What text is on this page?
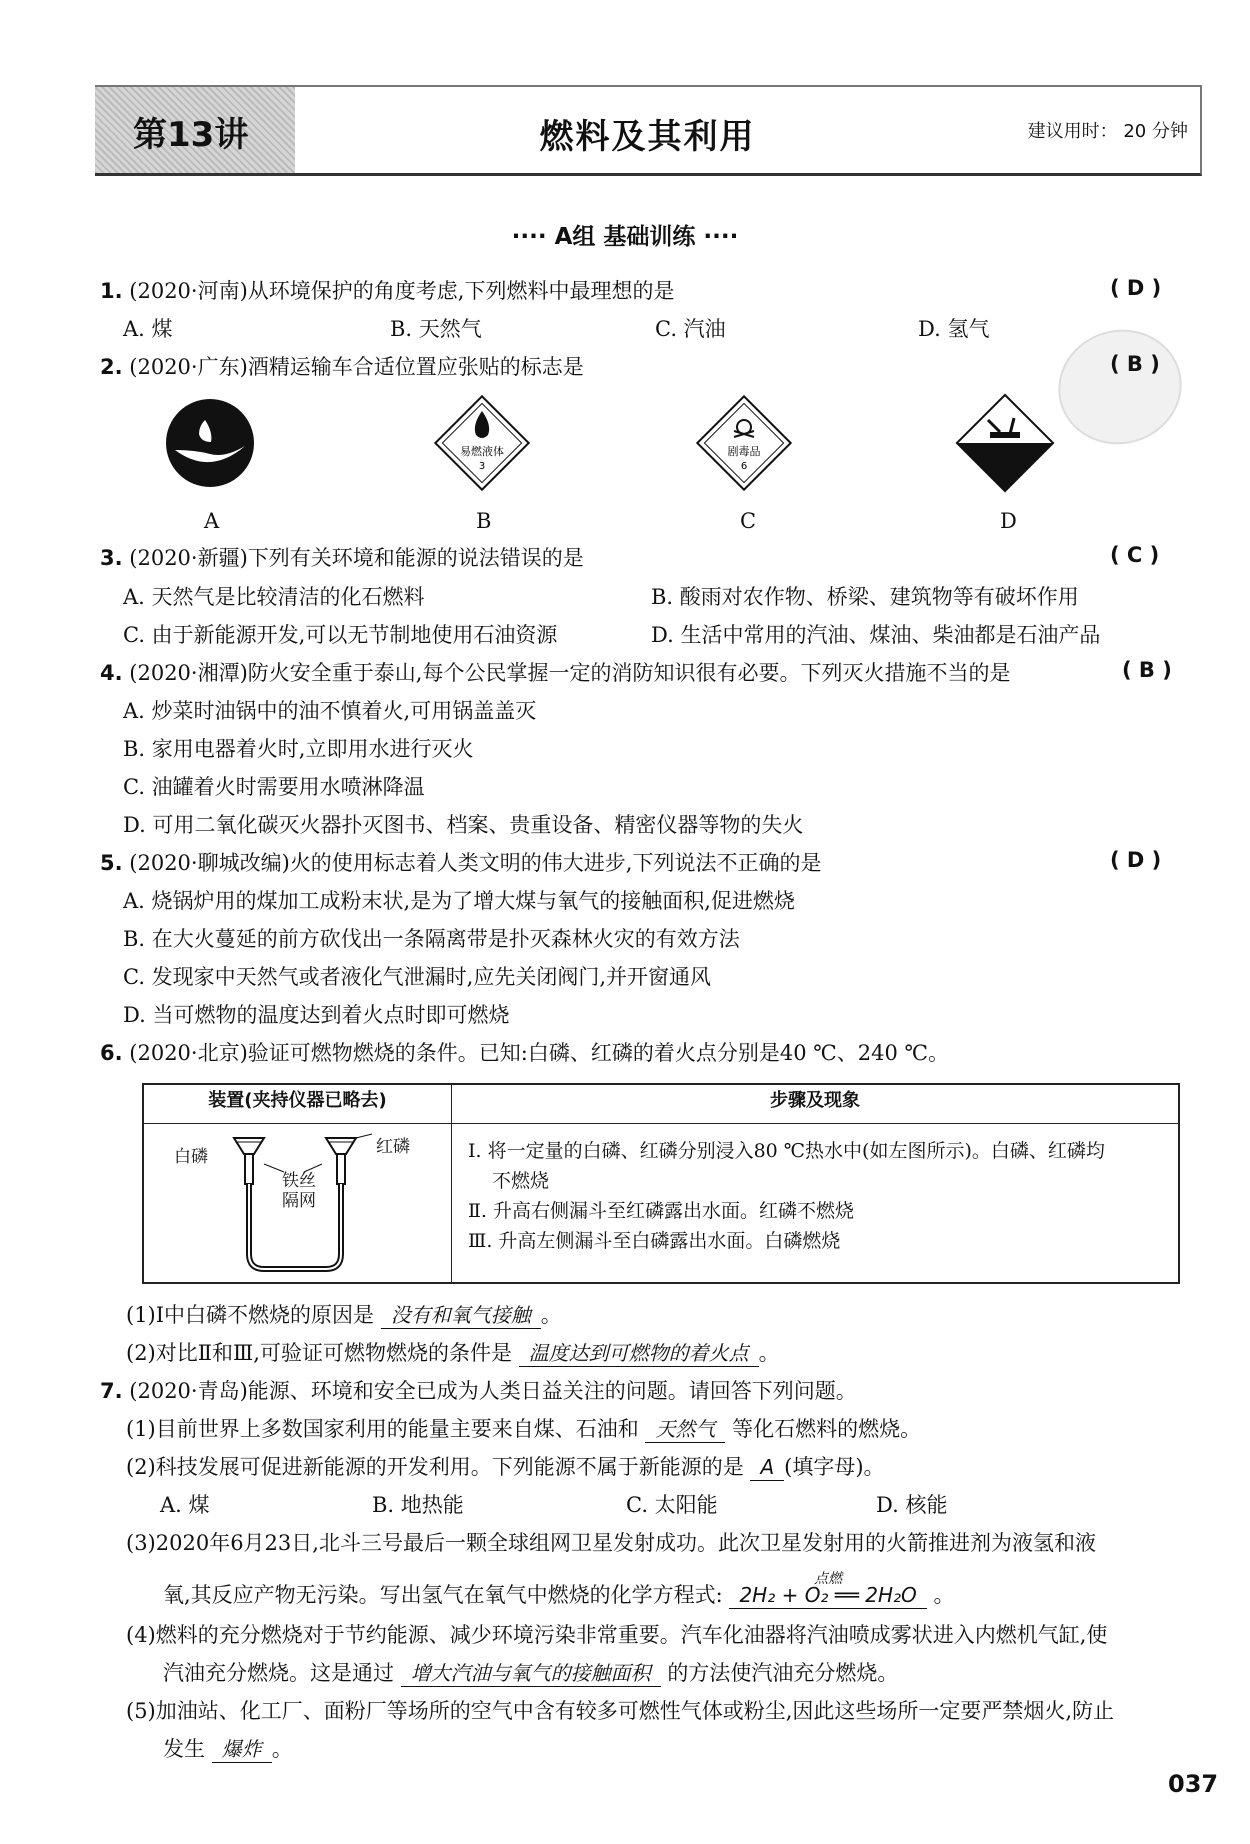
第13讲	燃料及其利用	建议用时： 20 分钟
···· A组 基础训练 ····
1. (2020·河南)从环境保护的角度考虑,下列燃料中最理想的是	( D )
A. 煤	B. 天然气	C. 汽油	D. 氢气
2. (2020·广东)酒精运输车合适位置应张贴的标志是	( B )
易燃液体
3
剧毒品
6
A	B	C	D
3. (2020·新疆)下列有关环境和能源的说法错误的是	( C )
A. 天然气是比较清洁的化石燃料	B. 酸雨对农作物、桥梁、建筑物等有破坏作用
C. 由于新能源开发,可以无节制地使用石油资源	D. 生活中常用的汽油、煤油、柴油都是石油产品
4. (2020·湘潭)防火安全重于泰山,每个公民掌握一定的消防知识很有必要。下列灭火措施不当的是	( B )
A. 炒菜时油锅中的油不慎着火,可用锅盖盖灭
B. 家用电器着火时,立即用水进行灭火
C. 油罐着火时需要用水喷淋降温
D. 可用二氧化碳灭火器扑灭图书、档案、贵重设备、精密仪器等物的失火
5. (2020·聊城改编)火的使用标志着人类文明的伟大进步,下列说法不正确的是	( D )
A. 烧锅炉用的煤加工成粉末状,是为了增大煤与氧气的接触面积,促进燃烧
B. 在大火蔓延的前方砍伐出一条隔离带是扑灭森林火灾的有效方法
C. 发现家中天然气或者液化气泄漏时,应先关闭阀门,并开窗通风
D. 当可燃物的温度达到着火点时即可燃烧
6. (2020·北京)验证可燃物燃烧的条件。已知:白磷、红磷的着火点分别是40 ℃、240 ℃。
装置(夹持仪器已略去)	步骤及现象

白磷 红磷
铁丝
隔网	Ⅰ. 将一定量的白磷、红磷分别浸入80 ℃热水中(如左图所示)。白磷、红磷均
不燃烧
Ⅱ. 升高右侧漏斗至红磷露出水面。红磷不燃烧
Ⅲ. 升高左侧漏斗至白磷露出水面。白磷燃烧
(1)Ⅰ中白磷不燃烧的原因是 没有和氧气接触 。
(2)对比Ⅱ和Ⅲ,可验证可燃物燃烧的条件是 温度达到可燃物的着火点 。
7. (2020·青岛)能源、环境和安全已成为人类日益关注的问题。请回答下列问题。
(1)目前世界上多数国家利用的能量主要来自煤、石油和 天然气 等化石燃料的燃烧。
(2)科技发展可促进新能源的开发利用。下列能源不属于新能源的是 A (填字母)。
A. 煤	B. 地热能	C. 太阳能	D. 核能
(3)2020年6月23日,北斗三号最后一颗全球组网卫星发射成功。此次卫星发射用的火箭推进剂为液氢和液
氧,其反应产物无污染。写出氢气在氧气中燃烧的化学方程式:
点燃
2H₂ + O₂ ══ 2H₂O 。
(4)燃料的充分燃烧对于节约能源、减少环境污染非常重要。汽车化油器将汽油喷成雾状进入内燃机气缸,使
汽油充分燃烧。这是通过 增大汽油与氧气的接触面积 的方法使汽油充分燃烧。
(5)加油站、化工厂、面粉厂等场所的空气中含有较多可燃性气体或粉尘,因此这些场所一定要严禁烟火,防止
发生 爆炸 。
037
